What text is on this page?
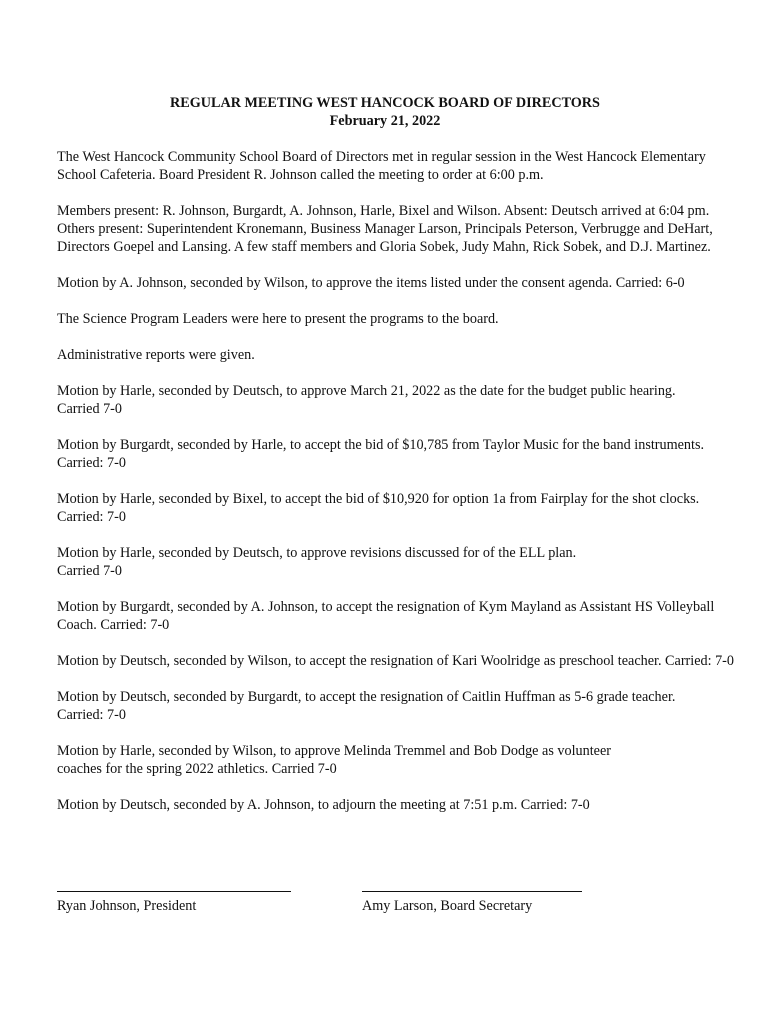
REGULAR MEETING WEST HANCOCK BOARD OF DIRECTORS
February 21, 2022

The West Hancock Community School Board of Directors met in regular session in the West Hancock Elementary School Cafeteria. Board President R. Johnson called the meeting to order at 6:00 p.m.

Members present: R. Johnson, Burgardt, A. Johnson, Harle, Bixel and Wilson. Absent: Deutsch arrived at 6:04 pm. Others present: Superintendent Kronemann, Business Manager Larson, Principals Peterson, Verbrugge and DeHart, Directors Goepel and Lansing. A few staff members and Gloria Sobek, Judy Mahn, Rick Sobek, and D.J. Martinez.

Motion by A. Johnson, seconded by Wilson, to approve the items listed under the consent agenda. Carried: 6-0

The Science Program Leaders were here to present the programs to the board.

Administrative reports were given.

Motion by Harle, seconded by Deutsch, to approve March 21, 2022 as the date for the budget public hearing. Carried 7-0

Motion by Burgardt, seconded by Harle, to accept the bid of $10,785 from Taylor Music for the band instruments. Carried: 7-0

Motion by Harle, seconded by Bixel, to accept the bid of $10,920 for option 1a from Fairplay for the shot clocks. Carried: 7-0

Motion by Harle, seconded by Deutsch, to approve revisions discussed for of the ELL plan. Carried 7-0

Motion by Burgardt, seconded by A. Johnson, to accept the resignation of Kym Mayland as Assistant HS Volleyball Coach. Carried: 7-0

Motion by Deutsch, seconded by Wilson, to accept the resignation of Kari Woolridge as preschool teacher. Carried: 7-0

Motion by Deutsch, seconded by Burgardt, to accept the resignation of Caitlin Huffman as 5-6 grade teacher. Carried: 7-0

Motion by Harle, seconded by Wilson, to approve Melinda Tremmel and Bob Dodge as volunteer coaches for the spring 2022 athletics. Carried 7-0

Motion by Deutsch, seconded by A. Johnson, to adjourn the meeting at 7:51 p.m. Carried: 7-0

Ryan Johnson, President	Amy Larson, Board Secretary
